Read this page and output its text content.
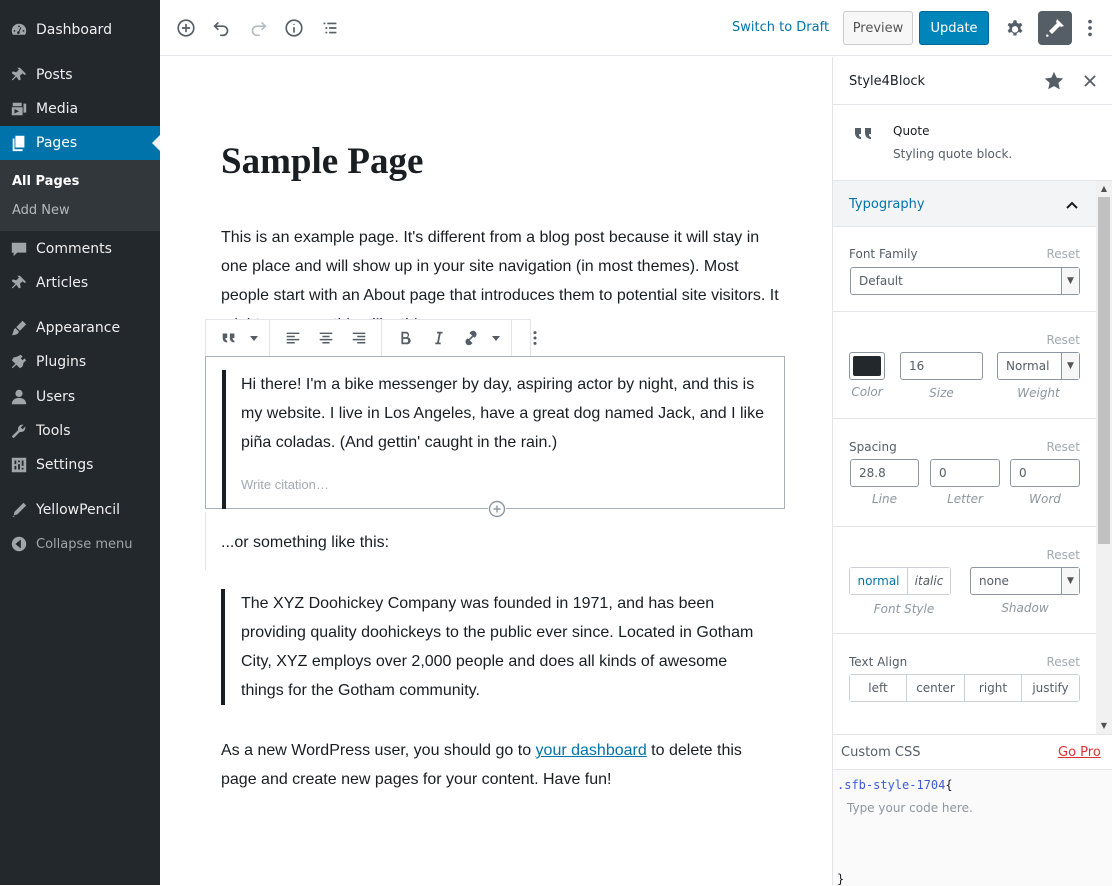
Dashboard
Posts
Media
Pages
All Pages
Add New
Comments
Articles
Appearance
Plugins
Users
Tools
Settings
YellowPencil
Collapse menu
Switch to Draft	Preview	Update
Sample Page
This is an example page. It's different from a blog post because it will stay in one place and will show up in your site navigation (in most themes). Most people start with an About page that introduces them to potential site visitors. It
Hi there! I'm a bike messenger by day, aspiring actor by night, and this is my website. I live in Los Angeles, have a great dog named Jack, and I like piña coladas. (And gettin' caught in the rain.)
Write citation…
...or something like this:
The XYZ Doohickey Company was founded in 1971, and has been providing quality doohickeys to the public ever since. Located in Gotham City, XYZ employs over 2,000 people and does all kinds of awesome things for the Gotham community.
As a new WordPress user, you should go to your dashboard to delete this page and create new pages for your content. Have fun!
Style4Block
Quote
Styling quote block.
Typography
Font Family	Reset
Default	▼
Reset
Color
16
Size
Normal	▼
Weight
Spacing	Reset
28.8
Line
0
Letter
0
Word
Reset
normal	italic
Font Style
none	▼
Shadow
Text Align	Reset
left	center	right	justify
▲
▼
Custom CSS	Go Pro
.sfb-style-1704{
Type your code here.
}
